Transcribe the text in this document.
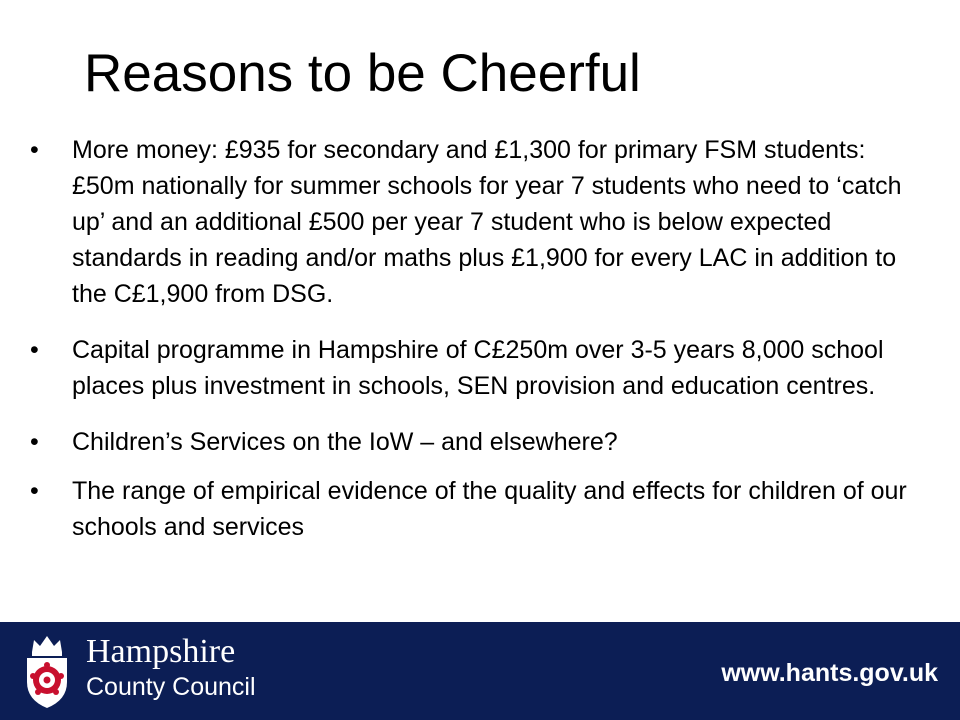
Reasons to be Cheerful
• More money: £935 for secondary and £1,300 for primary FSM students: £50m nationally for summer schools for year 7 students who need to ‘catch up’ and an additional £500 per year 7 student who is below expected standards in reading and/or maths plus £1,900 for every LAC in addition to the C£1,900 from DSG.
• Capital programme in Hampshire of C£250m over 3-5 years 8,000 school places plus investment in schools, SEN provision and education centres.
• Children’s Services on the IoW – and elsewhere?
• The range of empirical evidence of the quality and effects for children of our schools and services
Hampshire
County Council	www.hants.gov.uk
